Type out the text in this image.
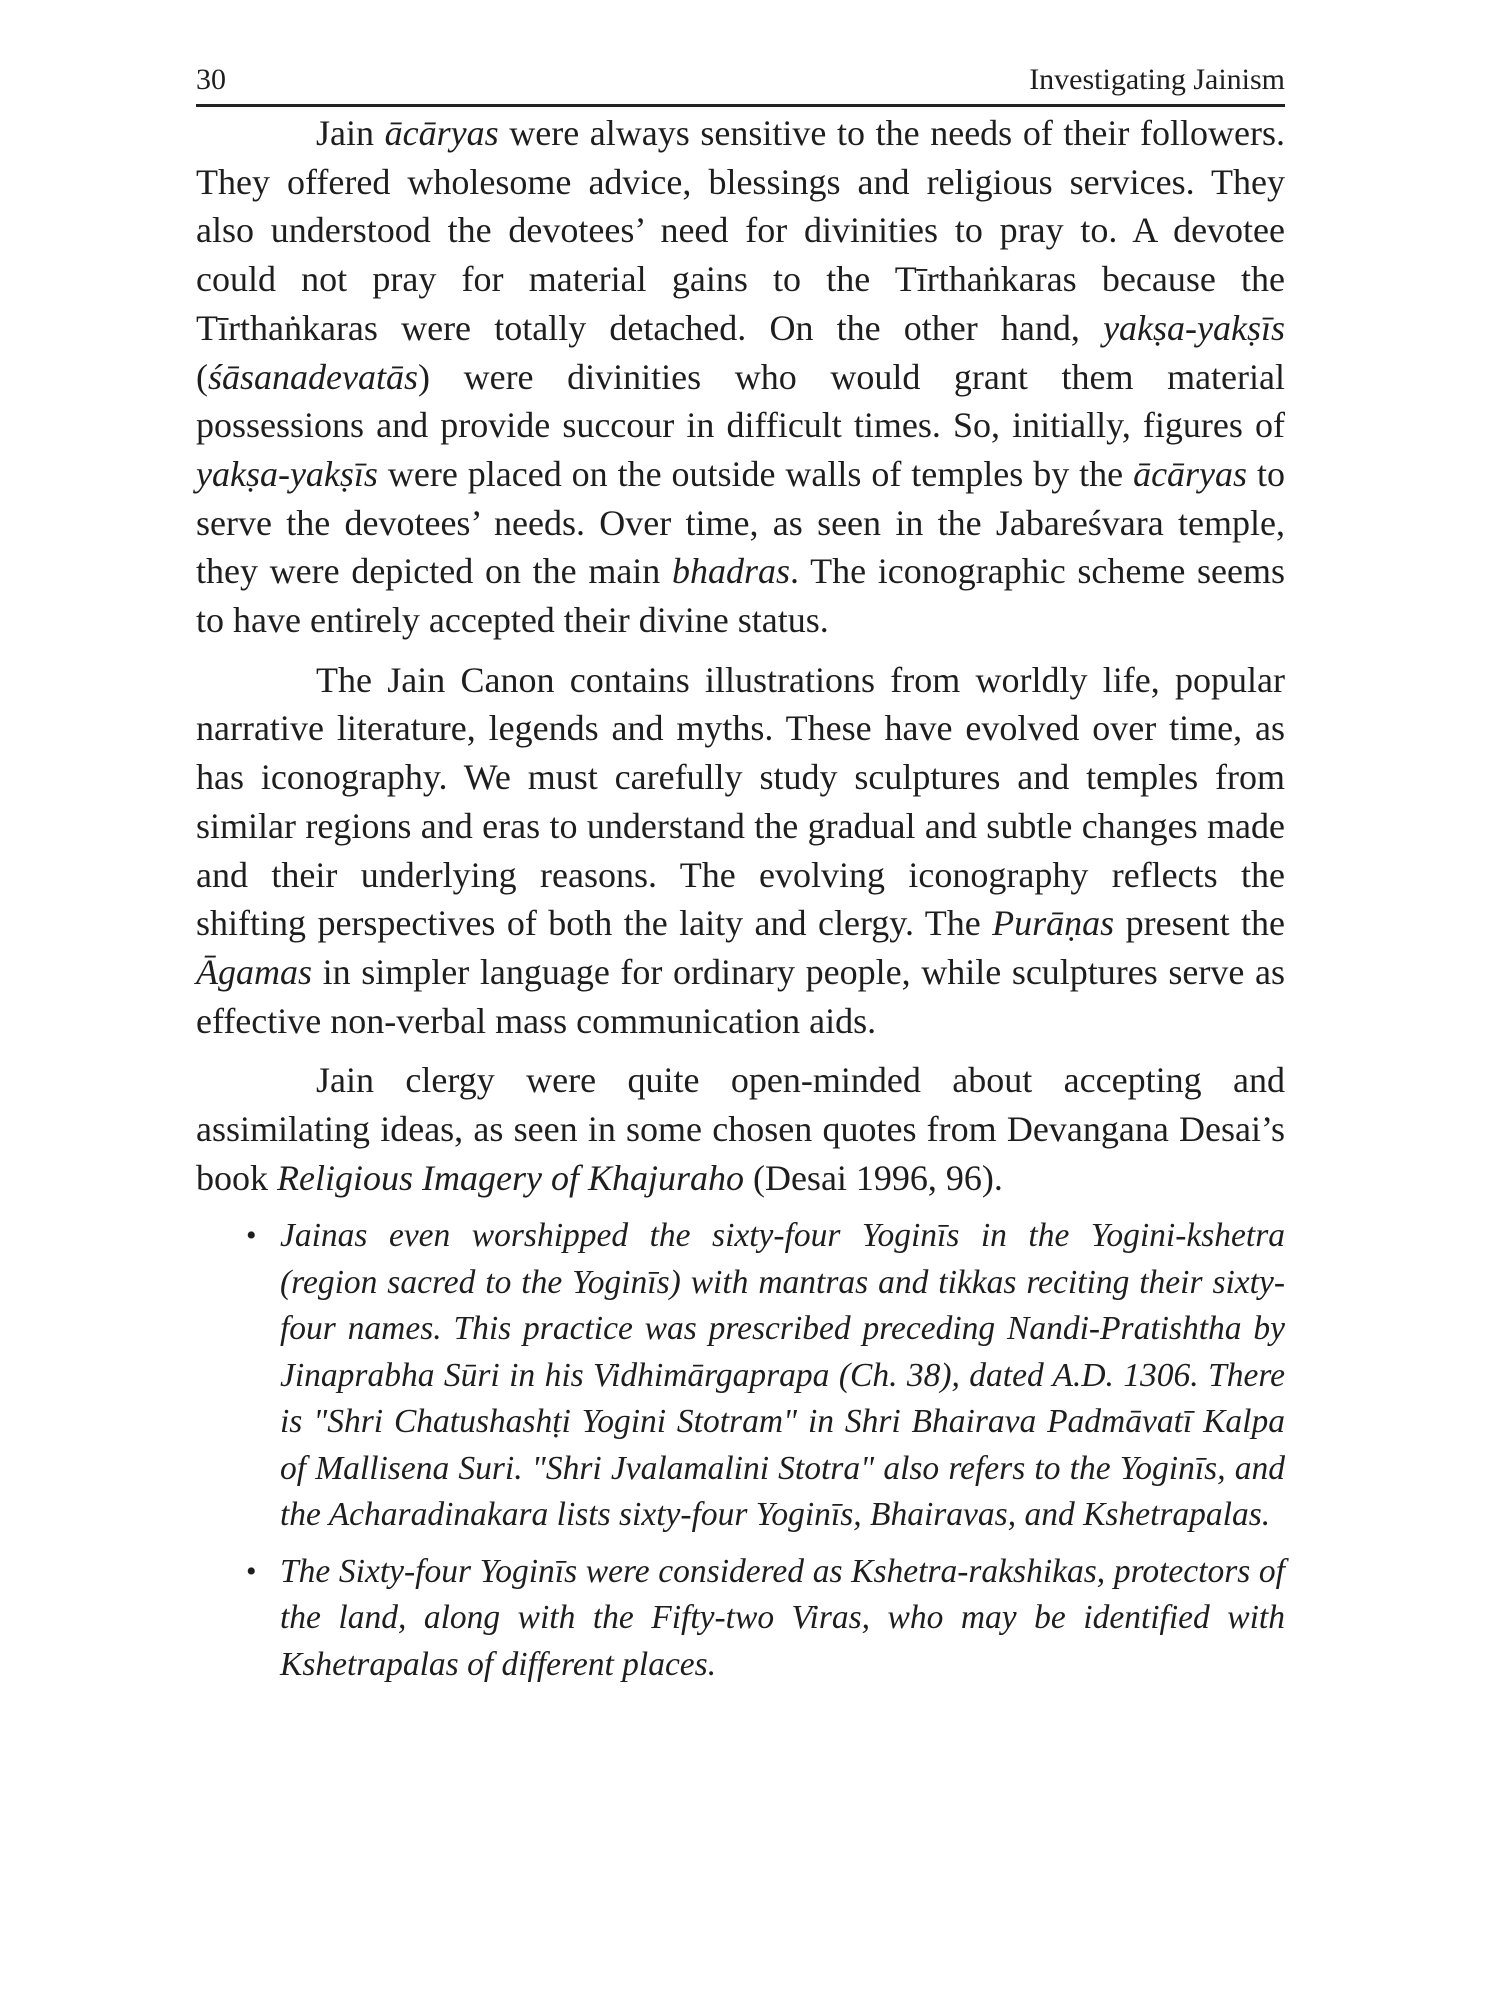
30	Investigating Jainism

Jain ācāryas were always sensitive to the needs of their followers. They offered wholesome advice, blessings and religious services. They also understood the devotees’ need for divinities to pray to. A devotee could not pray for material gains to the Tīrthaṅkaras because the Tīrthaṅkaras were totally detached. On the other hand, yakṣa-yakṣīs (śāsanadevatās) were divinities who would grant them material possessions and provide succour in difficult times. So, initially, figures of yakṣa-yakṣīs were placed on the outside walls of temples by the ācāryas to serve the devotees’ needs. Over time, as seen in the Jabareśvara temple, they were depicted on the main bhadras. The iconographic scheme seems to have entirely accepted their divine status.

The Jain Canon contains illustrations from worldly life, popular narrative literature, legends and myths. These have evolved over time, as has iconography. We must carefully study sculptures and temples from similar regions and eras to understand the gradual and subtle changes made and their underlying reasons. The evolving iconography reflects the shifting perspectives of both the laity and clergy. The Purāṇas present the Āgamas in simpler language for ordinary people, while sculptures serve as effective non-verbal mass communication aids.

Jain clergy were quite open-minded about accepting and assimilating ideas, as seen in some chosen quotes from Devangana Desai’s book Religious Imagery of Khajuraho (Desai 1996, 96).

• Jainas even worshipped the sixty-four Yoginīs in the Yogini-kshetra (region sacred to the Yoginīs) with mantras and tikkas reciting their sixty-four names. This practice was prescribed preceding Nandi-Pratishtha by Jinaprabha Sūri in his Vidhimārgaprapa (Ch. 38), dated A.D. 1306. There is "Shri Chatushashṭi Yogini Stotram" in Shri Bhairava Padmāvatī Kalpa of Mallisena Suri. "Shri Jvalamalini Stotra" also refers to the Yoginīs, and the Acharadinakara lists sixty-four Yoginīs, Bhairavas, and Kshetrapalas.
• The Sixty-four Yoginīs were considered as Kshetra-rakshikas, protectors of the land, along with the Fifty-two Viras, who may be identified with Kshetrapalas of different places.
